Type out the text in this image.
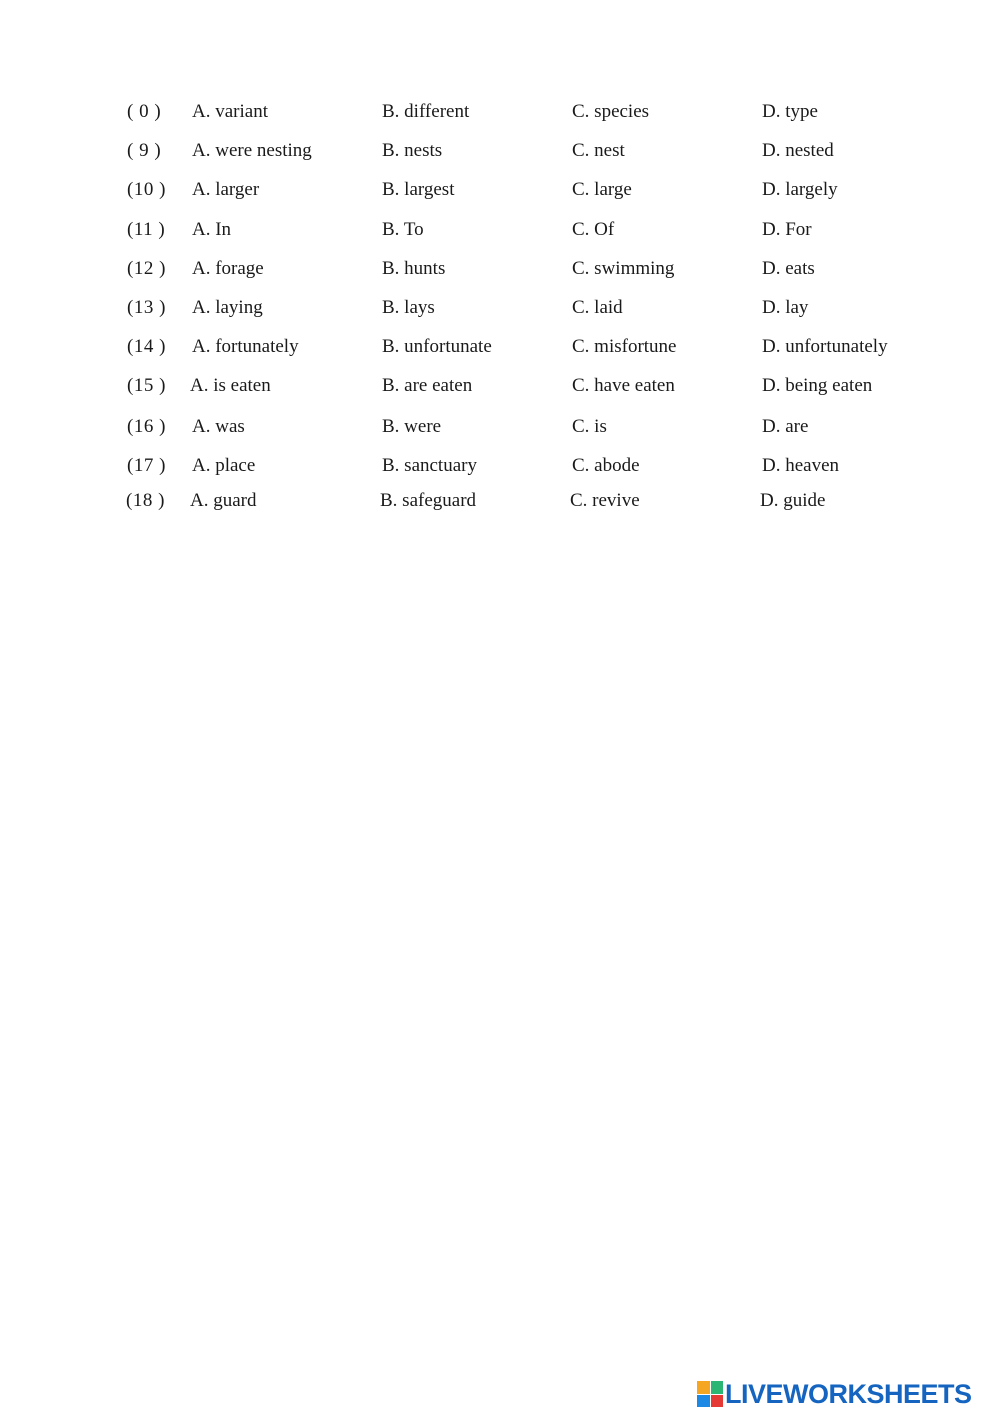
( 0 )	A. variant	B. different	C. species	D. type
( 9 )	A. were nesting	B. nests	C. nest	D. nested
(10 )	A. larger	B. largest	C. large	D. largely
(11 )	A. In	B. To	C. Of	D. For
(12 )	A. forage	B. hunts	C. swimming	D. eats
(13 )	A. laying	B. lays	C. laid	D. lay
(14 )	A. fortunately	B. unfortunate	C. misfortune	D. unfortunately
(15 )	A. is eaten	B. are eaten	C. have eaten	D. being eaten
(16 )	A. was	B. were	C. is	D. are
(17 )	A. place	B. sanctuary	C. abode	D. heaven
(18 )	A. guard	B. safeguard	C. revive	D. guide
LIVEWORKSHEETS
